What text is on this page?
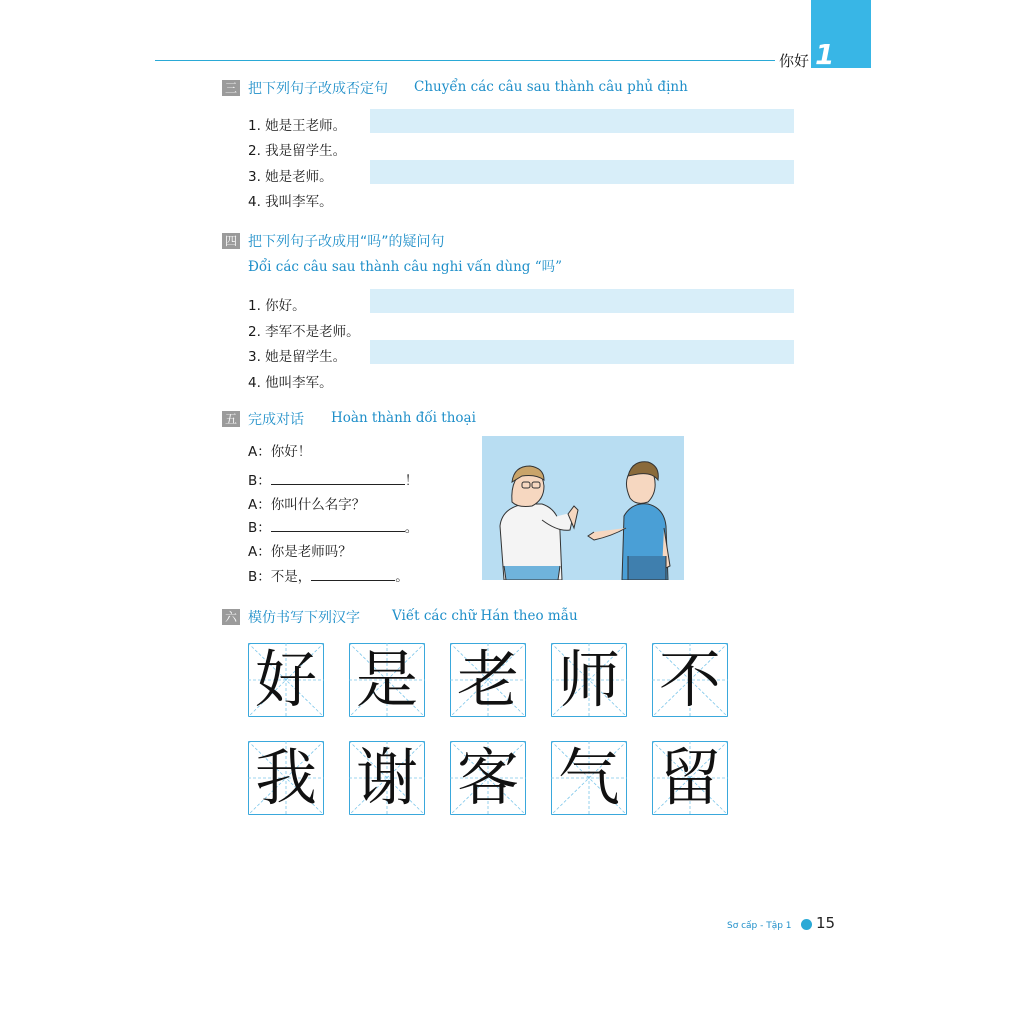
你好 1
三 把下列句子改成否定句 Chuyển các câu sau thành câu phủ định
1. 她是王老师。
2. 我是留学生。
3. 她是老师。
4. 我叫李军。
四 把下列句子改成用“吗”的疑问句
Đổi các câu sau thành câu nghi vấn dùng “吗”
1. 你好。
2. 李军不是老师。
3. 她是留学生。
4. 他叫李军。
五 完成对话 Hoàn thành đối thoại
A：你好！
B：	！
A：你叫什么名字？
B：	。
A：你是老师吗？
B：不是，	。
六 模仿书写下列汉字 Viết các chữ Hán theo mẫu
好 是 老 师 不
我 谢 客 气 留
Sơ cấp - Tập 1 15
